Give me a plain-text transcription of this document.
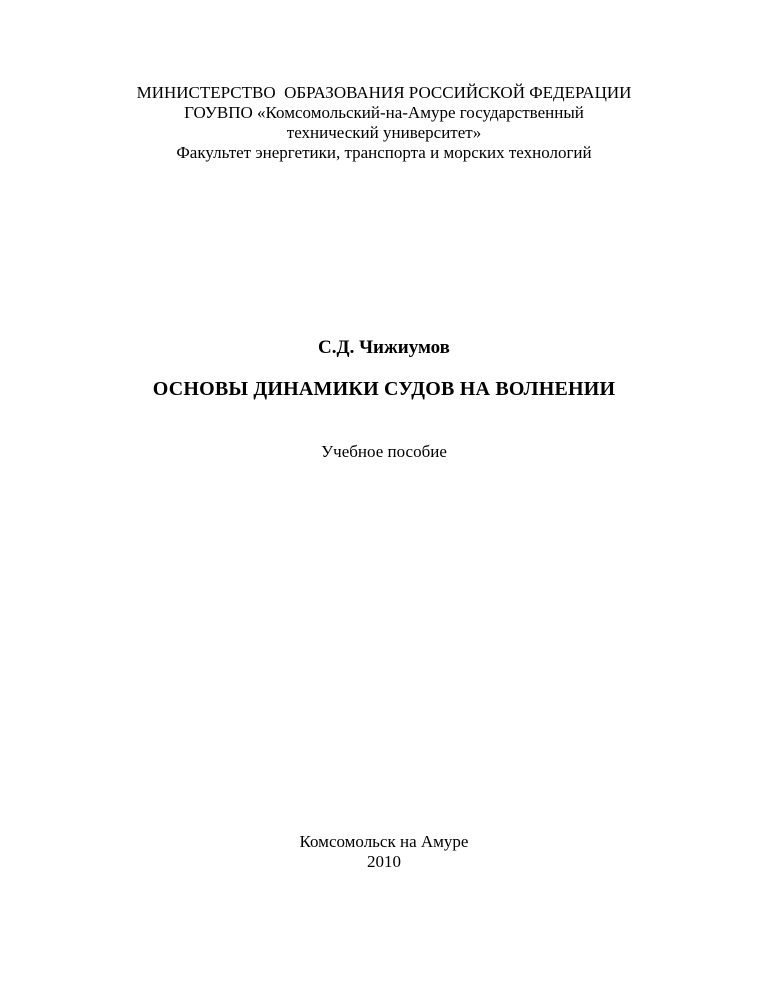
МИНИСТЕРСТВО  ОБРАЗОВАНИЯ РОССИЙСКОЙ ФЕДЕРАЦИИ
ГОУВПО «Комсомольский-на-Амуре государственный
технический университет»
Факультет энергетики, транспорта и морских технологий
С.Д. Чижиумов
ОСНОВЫ ДИНАМИКИ СУДОВ НА ВОЛНЕНИИ
Учебное пособие
Комсомольск на Амуре
2010
